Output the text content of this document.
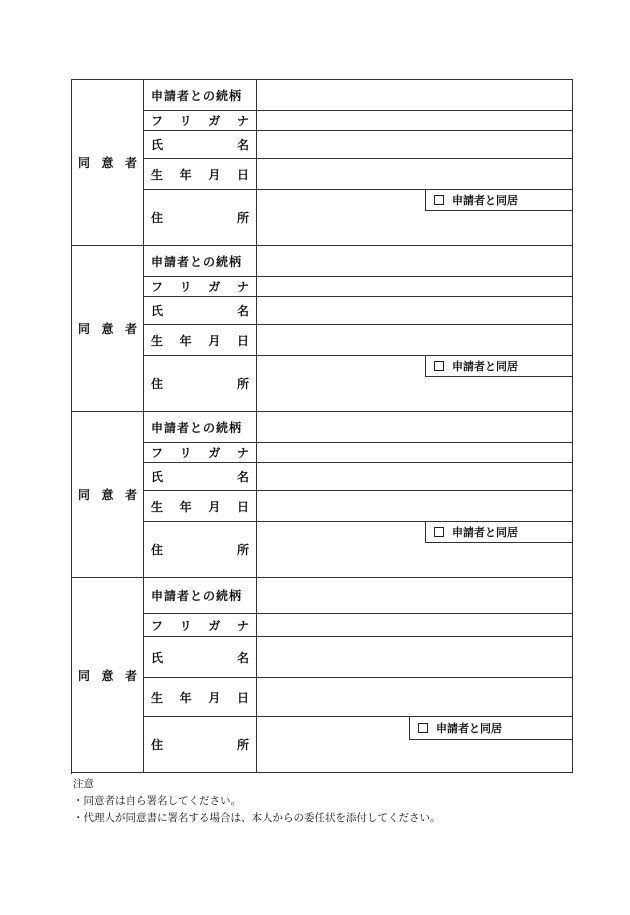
同 意 者	申請者との続柄	

	フ リ ガ ナ	

	氏 名	

	生 年 月 日	

	住 所	申請者と同居

同 意 者	申請者との続柄	

	フ リ ガ ナ	

	氏 名	

	生 年 月 日	

	住 所	申請者と同居

同 意 者	申請者との続柄	

	フ リ ガ ナ	

	氏 名	

	生 年 月 日	

	住 所	申請者と同居

同 意 者	申請者との続柄	

	フ リ ガ ナ	

	氏 名	

	生 年 月 日	

	住 所	申請者と同居

注意
・同意者は自ら署名してください。
・代理人が同意書に署名する場合は、本人からの委任状を添付してください。
